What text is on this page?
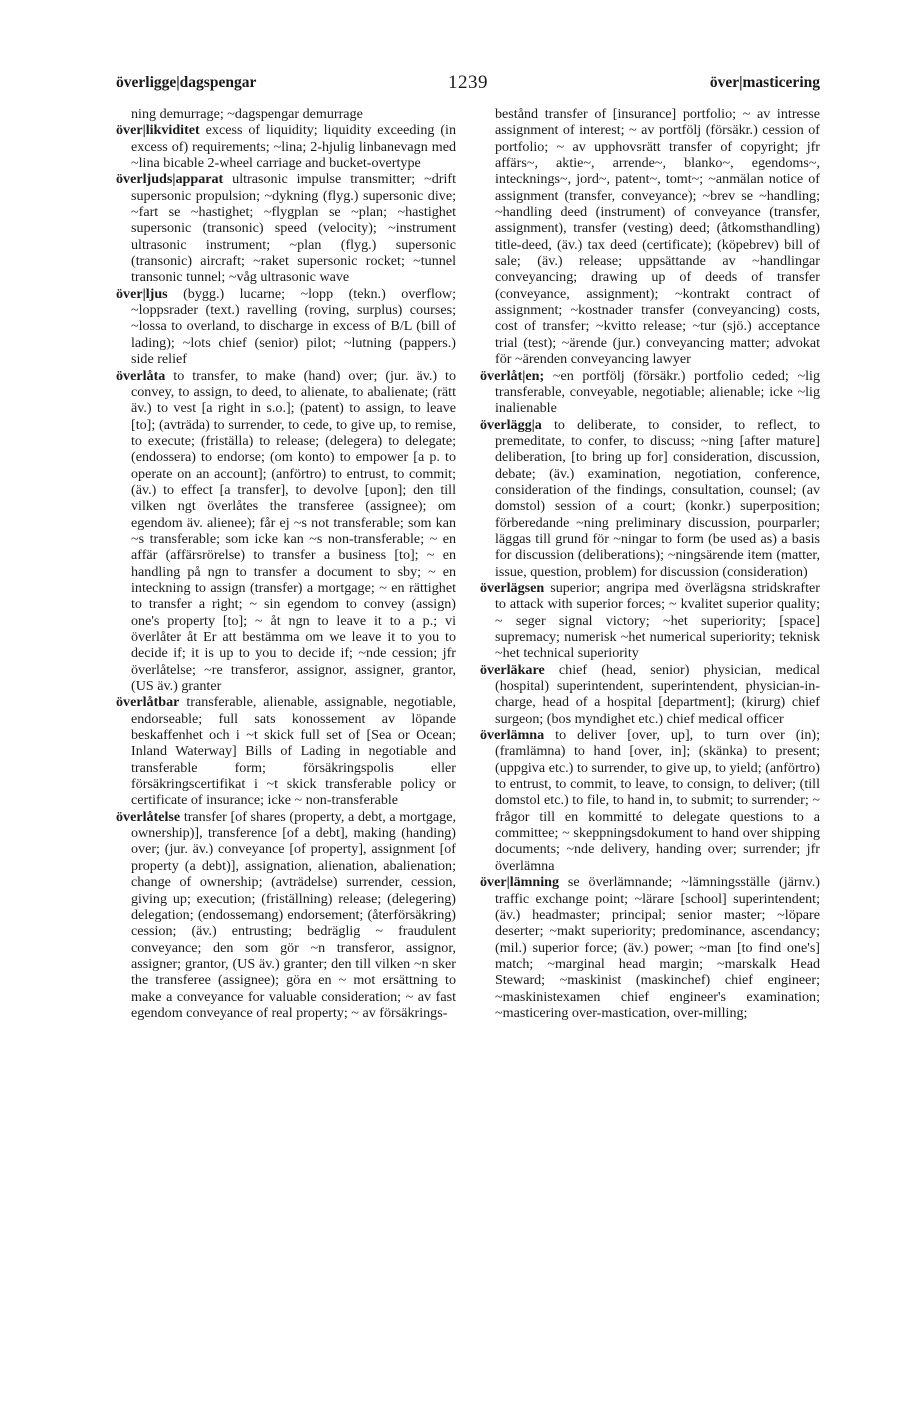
överligge|dagspengar	1239	över|masticering

ning demurrage; ~dagspengar demurrage

över|likviditet excess of liquidity; liquidity exceeding (in excess of) requirements; ~lina; 2-hjulig linbanevagn med ~lina bicable 2-wheel carriage and bucket-overtype

överljuds|apparat ultrasonic impulse transmitter; ~drift supersonic propulsion; ~dykning (flyg.) supersonic dive; ~fart se ~hastighet; ~flygplan se ~plan; ~hastighet supersonic (transonic) speed (velocity); ~instrument ultrasonic instrument; ~plan (flyg.) supersonic (transonic) aircraft; ~raket supersonic rocket; ~tunnel transonic tunnel; ~våg ultrasonic wave

över|ljus (bygg.) lucarne; ~lopp (tekn.) overflow; ~loppsrader (text.) ravelling (roving, surplus) courses; ~lossa to overland, to discharge in excess of B/L (bill of lading); ~lots chief (senior) pilot; ~lutning (pappers.) side relief

överlåta to transfer, to make (hand) over; (jur. äv.) to convey, to assign, to deed, to alienate, to abalienate; (rätt äv.) to vest [a right in s.o.]; (patent) to assign, to leave [to]; (avträda) to surrender, to cede, to give up, to remise, to execute; (friställa) to release; (delegera) to delegate; (endossera) to endorse; (om konto) to empower [a p. to operate on an account]; (anförtro) to entrust, to commit; (äv.) to effect [a transfer], to devolve [upon]; den till vilken ngt överlåtes the transferee (assignee); om egendom äv. alienee); får ej ~s not transferable; som kan ~s transferable; som icke kan ~s non-transferable; ~ en affär (affärsrörelse) to transfer a business [to]; ~ en handling på ngn to transfer a document to sby; ~ en inteckning to assign (transfer) a mortgage; ~ en rättighet to transfer a right; ~ sin egendom to convey (assign) one's property [to]; ~ åt ngn to leave it to a p.; vi överlåter åt Er att bestämma om we leave it to you to decide if; it is up to you to decide if; ~nde cession; jfr överlåtelse; ~re transferor, assignor, assigner, grantor, (US äv.) granter

överlåtbar transferable, alienable, assignable, negotiable, endorseable; full sats konossement av löpande beskaffenhet och i ~t skick full set of [Sea or Ocean; Inland Waterway] Bills of Lading in negotiable and transferable form; försäkringspolis eller försäkringscertifikat i ~t skick transferable policy or certificate of insurance; icke ~ non-transferable

överlåtelse transfer [of shares (property, a debt, a mortgage, ownership)], transference [of a debt], making (handing) over; (jur. äv.) conveyance [of property], assignment [of property (a debt)], assignation, alienation, abalienation; change of ownership; (avträdelse) surrender, cession, giving up; execution; (friställning) release; (delegering) delegation; (endossemang) endorsement; (återförsäkring) cession; (äv.) entrusting; bedräglig ~ fraudulent conveyance; den som gör ~n transferor, assignor, assigner; grantor, (US äv.) granter; den till vilken ~n sker the transferee (assignee); göra en ~ mot ersättning to make a conveyance for valuable consideration; ~ av fast egendom conveyance of real property; ~ av försäkrings-

bestånd transfer of [insurance] portfolio; ~ av intresse assignment of interest; ~ av portfölj (försäkr.) cession of portfolio; ~ av upphovsrätt transfer of copyright; jfr affärs~, aktie~, arrende~, blanko~, egendoms~, intecknings~, jord~, patent~, tomt~; ~anmälan notice of assignment (transfer, conveyance); ~brev se ~handling; ~handling deed (instrument) of conveyance (transfer, assignment), transfer (vesting) deed; (åtkomsthandling) title-deed, (äv.) tax deed (certificate); (köpebrev) bill of sale; (äv.) release; uppsättande av ~handlingar conveyancing; drawing up of deeds of transfer (conveyance, assignment); ~kontrakt contract of assignment; ~kostnader transfer (conveyancing) costs, cost of transfer; ~kvitto release; ~tur (sjö.) acceptance trial (test); ~ärende (jur.) conveyancing matter; advokat för ~ärenden conveyancing lawyer

överlåt|en; ~en portfölj (försäkr.) portfolio ceded; ~lig transferable, conveyable, negotiable; alienable; icke ~lig inalienable

överlägg|a to deliberate, to consider, to reflect, to premeditate, to confer, to discuss; ~ning [after mature] deliberation, [to bring up for] consideration, discussion, debate; (äv.) examination, negotiation, conference, consideration of the findings, consultation, counsel; (av domstol) session of a court; (konkr.) superposition; förberedande ~ning preliminary discussion, pourparler; läggas till grund för ~ningar to form (be used as) a basis for discussion (deliberations); ~ningsärende item (matter, issue, question, problem) for discussion (consideration)

överlägsen superior; angripa med överlägsna stridskrafter to attack with superior forces; ~ kvalitet superior quality; ~ seger signal victory; ~het superiority; [space] supremacy; numerisk ~het numerical superiority; teknisk ~het technical superiority

överläkare chief (head, senior) physician, medical (hospital) superintendent, superintendent, physician-in-charge, head of a hospital [department]; (kirurg) chief surgeon; (bos myndighet etc.) chief medical officer

överlämna to deliver [over, up], to turn over (in); (framlämna) to hand [over, in]; (skänka) to present; (uppgiva etc.) to surrender, to give up, to yield; (anförtro) to entrust, to commit, to leave, to consign, to deliver; (till domstol etc.) to file, to hand in, to submit; to surrender; ~ frågor till en kommitté to delegate questions to a committee; ~ skeppningsdokument to hand over shipping documents; ~nde delivery, handing over; surrender; jfr överlämna

över|lämning se överlämnande; ~lämningsställe (järnv.) traffic exchange point; ~lärare [school] superintendent; (äv.) headmaster; principal; senior master; ~löpare deserter; ~makt superiority; predominance, ascendancy; (mil.) superior force; (äv.) power; ~man [to find one's] match; ~marginal head margin; ~marskalk Head Steward; ~maskinist (maskinchef) chief engineer; ~maskinistexamen chief engineer's examination; ~masticering over-mastication, over-milling;
